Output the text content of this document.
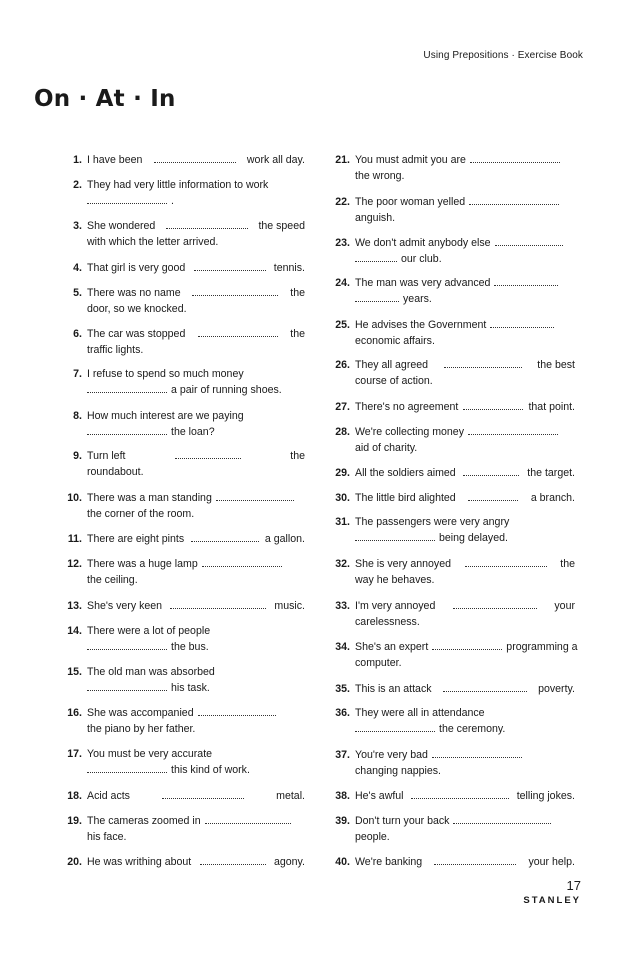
Using Prepositions · Exercise Book
On · At · In
1. I have been	work all day.
2. They had very little information to work
.
3. She wondered	the speed
with which the letter arrived.
4. That girl is very good	tennis.
5. There was no name	the
door, so we knocked.
6. The car was stopped	the
traffic lights.
7. I refuse to spend so much money
a pair of running shoes.
8. How much interest are we paying
the loan?
9. Turn left	the
roundabout.
10. There was a man standing
the corner of the room.
11. There are eight pints	a gallon.
12. There was a huge lamp
the ceiling.
13. She's very keen	music.
14. There were a lot of people
the bus.
15. The old man was absorbed
his task.
16. She was accompanied
the piano by her father.
17. You must be very accurate
this kind of work.
18. Acid acts	metal.
19. The cameras zoomed in
his face.
20. He was writhing about	agony.
21. You must admit you are
the wrong.
22. The poor woman yelled
anguish.
23. We don't admit anybody else
our club.
24. The man was very advanced
years.
25. He advises the Government
economic affairs.
26. They all agreed	the best
course of action.
27. There's no agreement	that point.
28. We're collecting money
aid of charity.
29. All the soldiers aimed	the target.
30. The little bird alighted	a branch.
31. The passengers were very angry
being delayed.
32. She is very annoyed	the
way he behaves.
33. I'm very annoyed	your
carelessness.
34. She's an expert	programming a
computer.
35. This is an attack	poverty.
36. They were all in attendance
the ceremony.
37. You're very bad
changing nappies.
38. He's awful	telling jokes.
39. Don't turn your back
people.
40. We're banking	your help.
17
STANLEY
